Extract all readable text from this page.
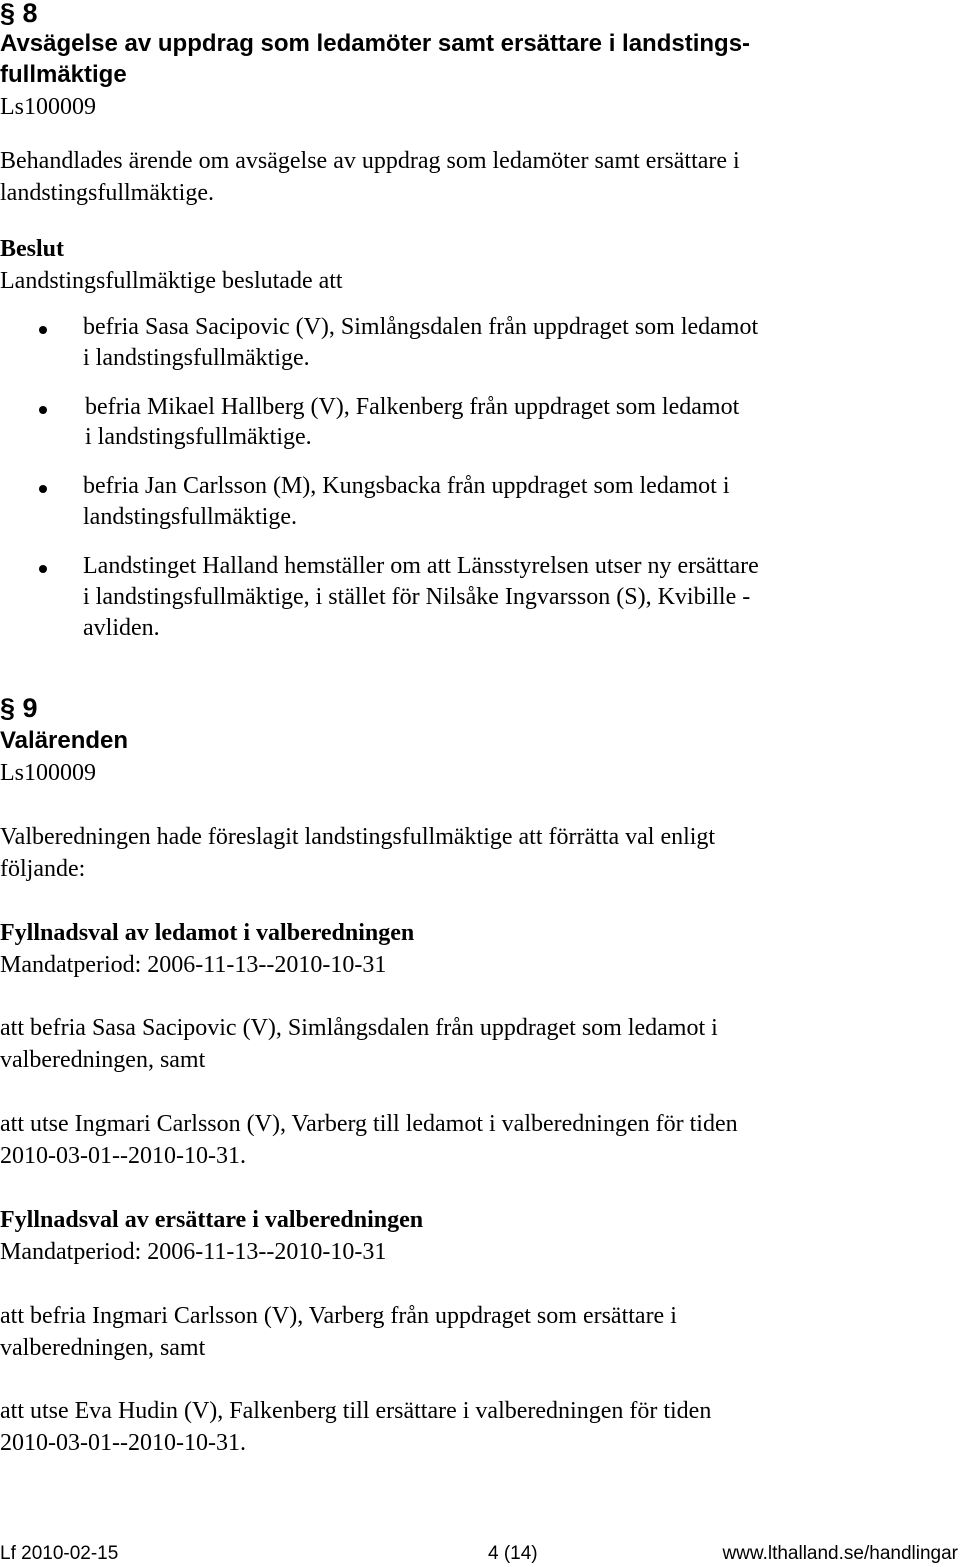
§ 8
Avsägelse av uppdrag som ledamöter samt ersättare i landstings-
fullmäktige
Ls100009
Behandlades ärende om avsägelse av uppdrag som ledamöter samt ersättare i
landstingsfullmäktige.
Beslut
Landstingsfullmäktige beslutade att
befria Sasa Sacipovic (V), Simlångsdalen från uppdraget som ledamot
i landstingsfullmäktige.
befria Mikael Hallberg (V), Falkenberg från uppdraget som ledamot
i landstingsfullmäktige.
befria Jan Carlsson (M), Kungsbacka från uppdraget som ledamot i
landstingsfullmäktige.
Landstinget Halland hemställer om att Länsstyrelsen utser ny ersättare
i landstingsfullmäktige, i stället för Nilsåke Ingvarsson (S), Kvibille -
avliden.
§ 9
Valärenden
Ls100009
Valberedningen hade föreslagit landstingsfullmäktige att förrätta val enligt
följande:
Fyllnadsval av ledamot i valberedningen
Mandatperiod: 2006-11-13--2010-10-31
att befria Sasa Sacipovic (V), Simlångsdalen från uppdraget som ledamot i
valberedningen, samt
att utse Ingmari Carlsson (V), Varberg till ledamot i valberedningen för tiden
2010-03-01--2010-10-31.
Fyllnadsval av ersättare i valberedningen
Mandatperiod: 2006-11-13--2010-10-31
att befria Ingmari Carlsson (V), Varberg från uppdraget som ersättare i
valberedningen, samt
att utse Eva Hudin (V), Falkenberg till ersättare i valberedningen för tiden
2010-03-01--2010-10-31.
Lf 2010-02-15	4 (14)	www.lthalland.se/handlingar
